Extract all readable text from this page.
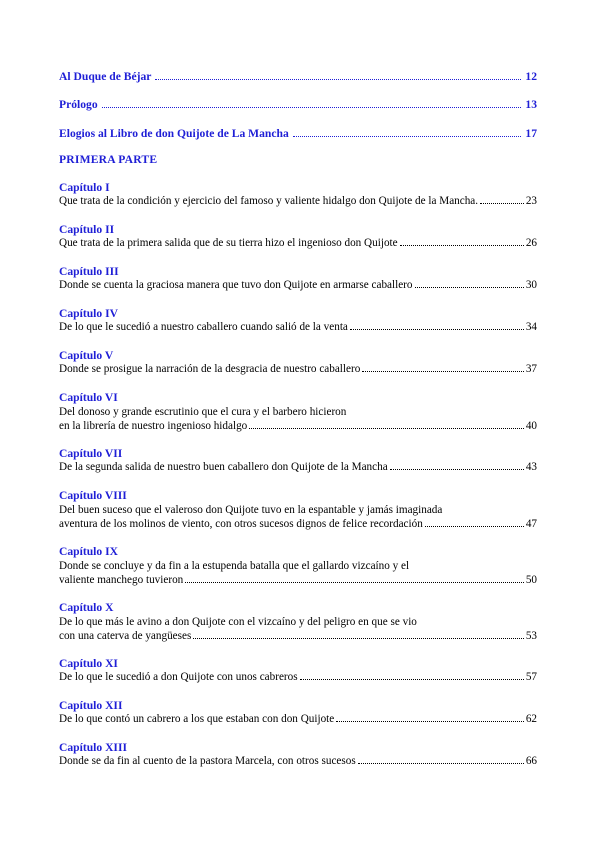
Al Duque de Béjar	12
Prólogo	13
Elogios al Libro de don Quijote de La Mancha	17
PRIMERA PARTE
Capítulo I
Que trata de la condición y ejercicio del famoso y valiente hidalgo don Quijote de la Mancha.	23
Capítulo II
Que trata de la primera salida que de su tierra hizo el ingenioso don Quijote	26
Capítulo III
Donde se cuenta la graciosa manera que tuvo don Quijote en armarse caballero	30
Capítulo IV
De lo que le sucedió a nuestro caballero cuando salió de la venta	34
Capítulo V
Donde se prosigue la narración de la desgracia de nuestro caballero	37
Capítulo VI
Del donoso y grande escrutinio que el cura y el barbero hicieron
en la librería de nuestro ingenioso hidalgo	40
Capítulo VII
De la segunda salida de nuestro buen caballero don Quijote de la Mancha	43
Capítulo VIII
Del buen suceso que el valeroso don Quijote tuvo en la espantable y jamás imaginada
aventura de los molinos de viento, con otros sucesos dignos de felice recordación	47
Capítulo IX
Donde se concluye y da fin a la estupenda batalla que el gallardo vizcaíno y el
valiente manchego tuvieron	50
Capítulo X
De lo que más le avino a don Quijote con el vizcaíno y del peligro en que se vio
con una caterva de yangüeses	53
Capítulo XI
De lo que le sucedió a don Quijote con unos cabreros	57
Capítulo XII
De lo que contó un cabrero a los que estaban con don Quijote	62
Capítulo XIII
Donde se da fin al cuento de la pastora Marcela, con otros sucesos	66
